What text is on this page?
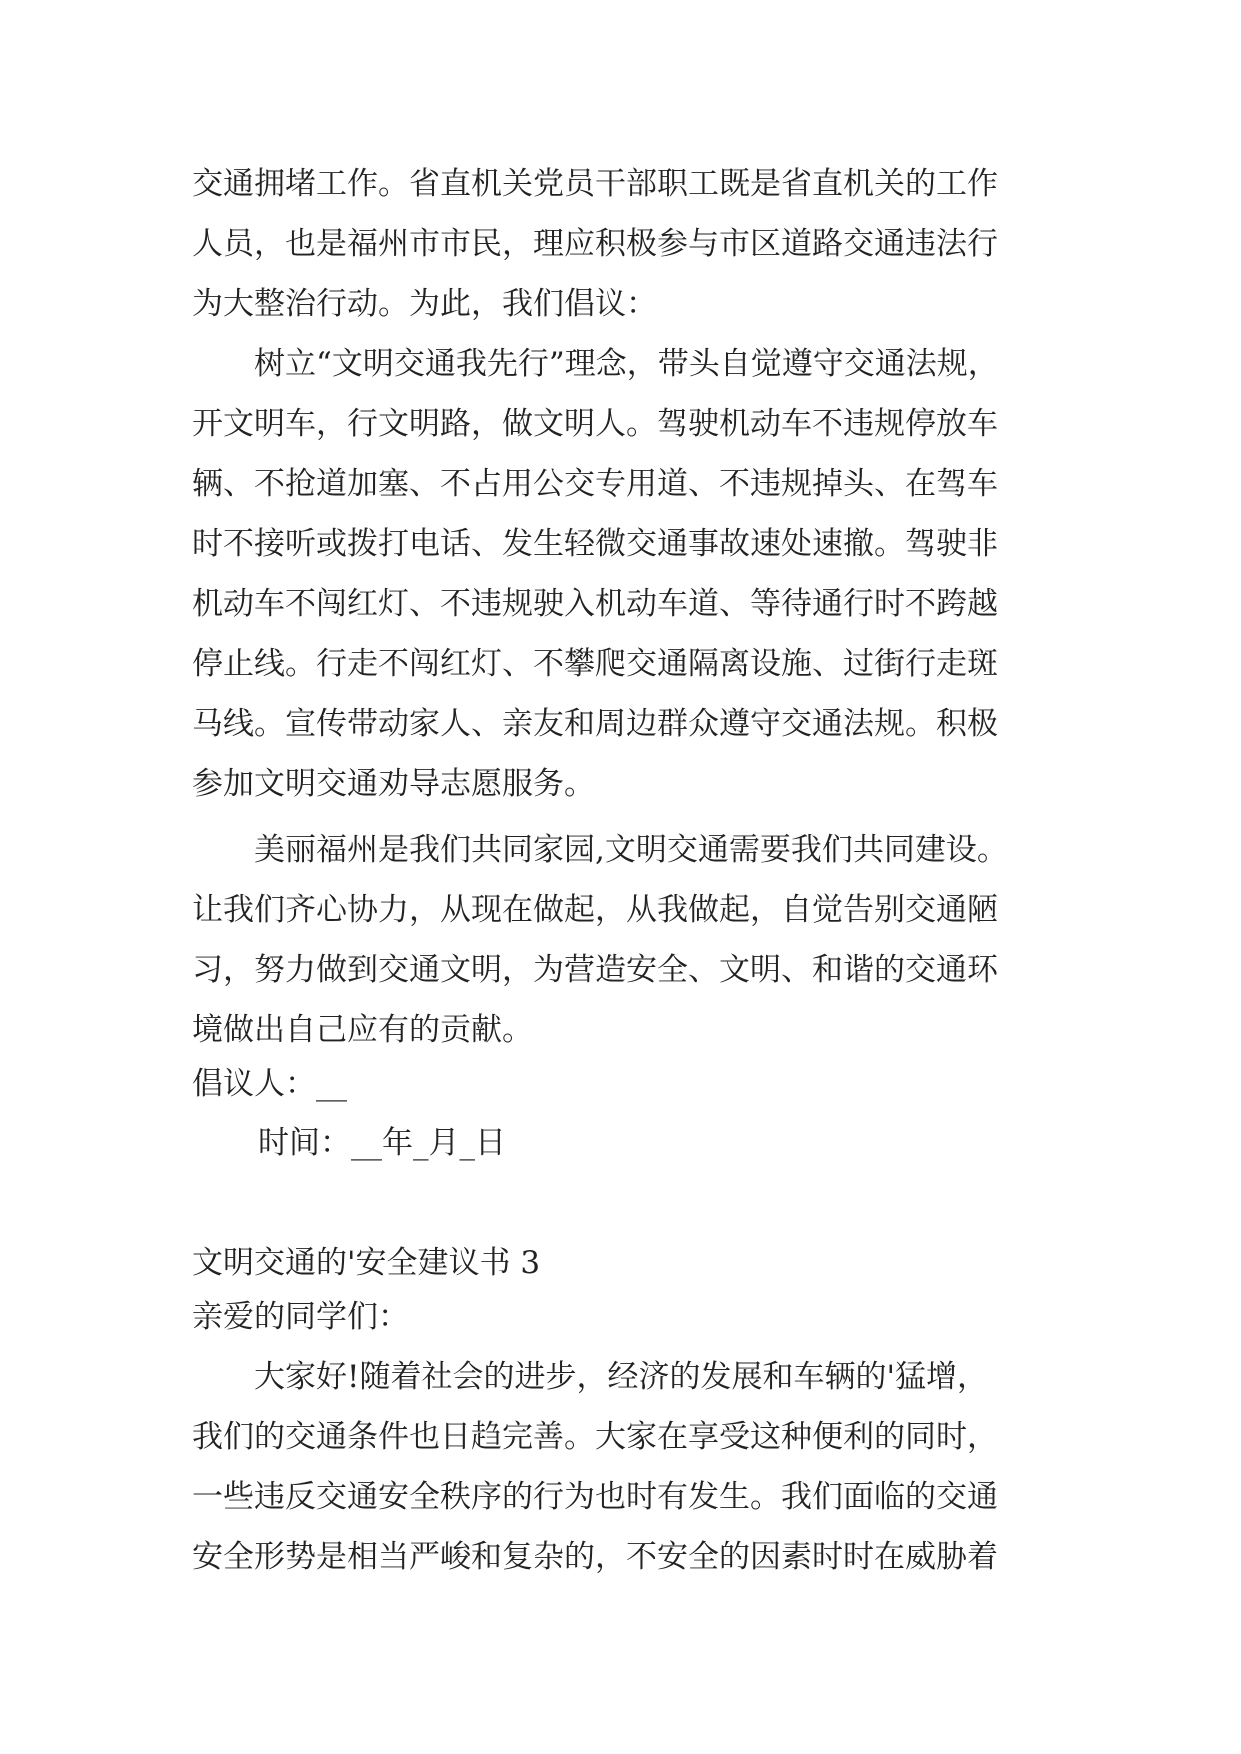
交通拥堵工作。省直机关党员干部职工既是省直机关的工作
人员，也是福州市市民，理应积极参与市区道路交通违法行
为大整治行动。为此，我们倡议：
　　树立“文明交通我先行”理念，带头自觉遵守交通法规，
开文明车，行文明路，做文明人。驾驶机动车不违规停放车
辆、不抢道加塞、不占用公交专用道、不违规掉头、在驾车
时不接听或拨打电话、发生轻微交通事故速处速撤。驾驶非
机动车不闯红灯、不违规驶入机动车道、等待通行时不跨越
停止线。行走不闯红灯、不攀爬交通隔离设施、过街行走斑
马线。宣传带动家人、亲友和周边群众遵守交通法规。积极
参加文明交通劝导志愿服务。
　　美丽福州是我们共同家园,文明交通需要我们共同建设。
让我们齐心协力，从现在做起，从我做起，自觉告别交通陋
习，努力做到交通文明，为营造安全、文明、和谐的交通环
境做出自己应有的贡献。
倡议人：__
时间：__年_月_日
文明交通的'安全建议书 3
亲爱的同学们：
　　大家好!随着社会的进步，经济的发展和车辆的'猛增，
我们的交通条件也日趋完善。大家在享受这种便利的同时，
一些违反交通安全秩序的行为也时有发生。我们面临的交通
安全形势是相当严峻和复杂的，不安全的因素时时在威胁着
